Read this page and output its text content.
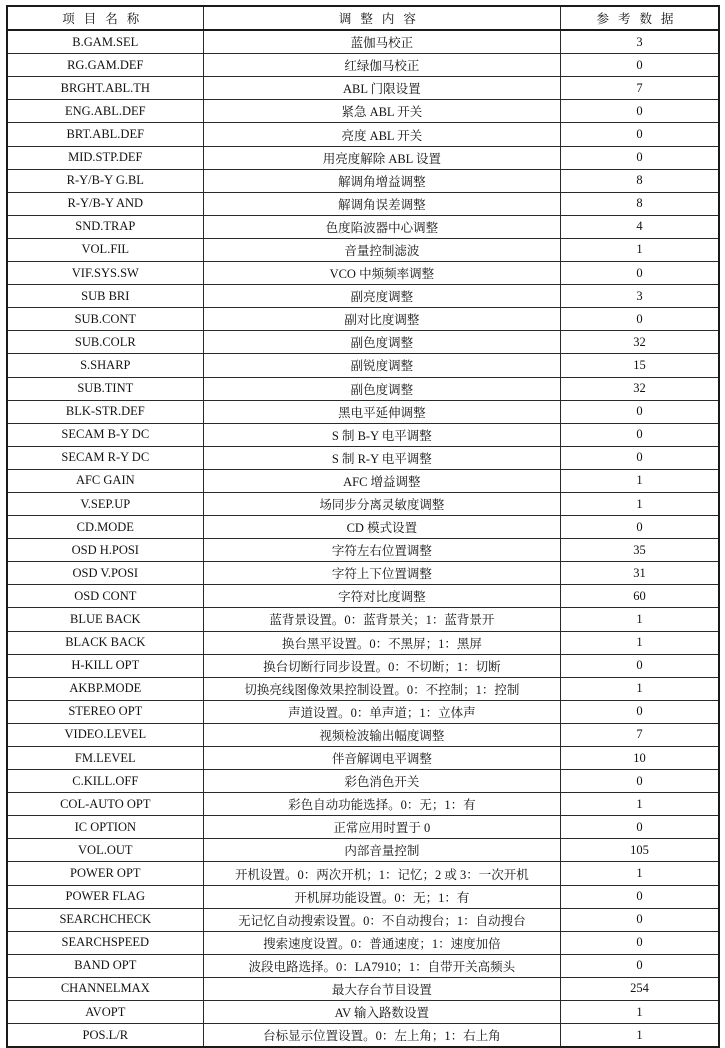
项目名称	调整内容	参考数据
B.GAM.SEL	蓝伽马校正	3
RG.GAM.DEF	红绿伽马校正	0
BRGHT.ABL.TH	ABL 门限设置	7
ENG.ABL.DEF	紧急 ABL 开关	0
BRT.ABL.DEF	亮度 ABL 开关	0
MID.STP.DEF	用亮度解除 ABL 设置	0
R-Y/B-Y G.BL	解调角增益调整	8
R-Y/B-Y AND	解调角误差调整	8
SND.TRAP	色度陷波器中心调整	4
VOL.FIL	音量控制滤波	1
VIF.SYS.SW	VCO 中频频率调整	0
SUB BRI	副亮度调整	3
SUB.CONT	副对比度调整	0
SUB.COLR	副色度调整	32
S.SHARP	副锐度调整	15
SUB.TINT	副色度调整	32
BLK-STR.DEF	黑电平延伸调整	0
SECAM B-Y DC	S 制 B-Y 电平调整	0
SECAM R-Y DC	S 制 R-Y 电平调整	0
AFC GAIN	AFC 增益调整	1
V.SEP.UP	场同步分离灵敏度调整	1
CD.MODE	CD 模式设置	0
OSD H.POSI	字符左右位置调整	35
OSD V.POSI	字符上下位置调整	31
OSD CONT	字符对比度调整	60
BLUE BACK	蓝背景设置。0：蓝背景关；1：蓝背景开	1
BLACK BACK	换台黑平设置。0：不黑屏；1：黑屏	1
H-KILL OPT	换台切断行同步设置。0：不切断；1：切断	0
AKBP.MODE	切换亮线图像效果控制设置。0：不控制；1：控制	1
STEREO OPT	声道设置。0：单声道；1：立体声	0
VIDEO.LEVEL	视频检波输出幅度调整	7
FM.LEVEL	伴音解调电平调整	10
C.KILL.OFF	彩色消色开关	0
COL-AUTO OPT	彩色自动功能选择。0：无；1：有	1
IC OPTION	正常应用时置于 0	0
VOL.OUT	内部音量控制	105
POWER OPT	开机设置。0：两次开机；1：记忆；2 或 3：一次开机	1
POWER FLAG	开机屏功能设置。0：无；1：有	0
SEARCHCHECK	无记忆自动搜索设置。0：不自动搜台；1：自动搜台	0
SEARCHSPEED	搜索速度设置。0：普通速度；1：速度加倍	0
BAND OPT	波段电路选择。0：LA7910；1：自带开关高频头	0
CHANNELMAX	最大存台节目设置	254
AVOPT	AV 输入路数设置	1
POS.L/R	台标显示位置设置。0：左上角；1：右上角	1
